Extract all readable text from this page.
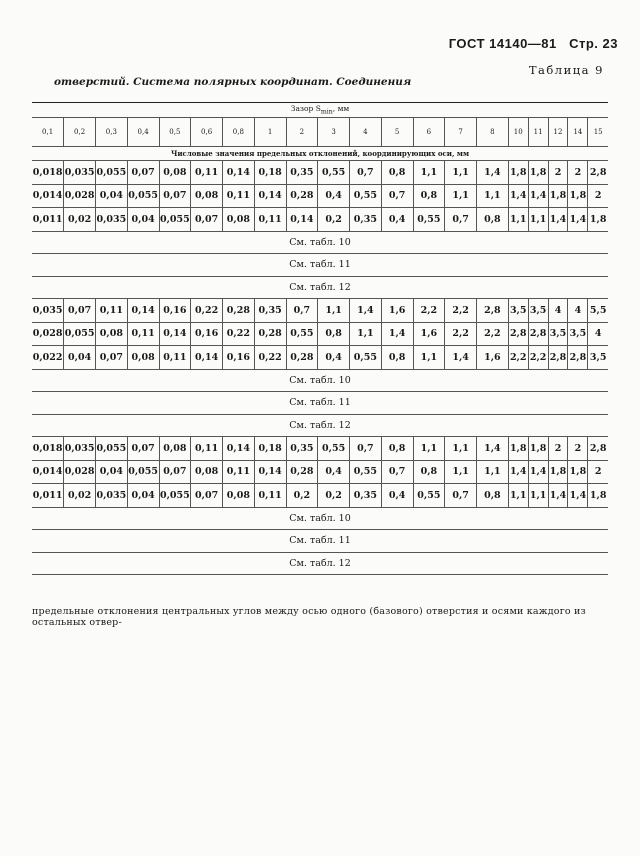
ГОСТ 14140—81 Стр. 23
Таблица 9
отверстий. Система полярных координат. Соединения
Зазор $S_{min}$, мм																			
0,1	0,2	0,3	0,4	0,5	0,6	0,8	1	2	3	4	5	6	7	8	10	11	12	14	15
Числовые значения предельных отклонений, координирующих оси, мм																			
0,018	0,035	0,055	0,07	0,08	0,11	0,14	0,18	0,35	0,55	0,7	0,8	1,1	1,1	1,4	1,8	1,8	2	2	2,8
0,014	0,028	0,04	0,055	0,07	0,08	0,11	0,14	0,28	0,4	0,55	0,7	0,8	1,1	1,1	1,4	1,4	1,8	1,8	2
0,011	0,02	0,035	0,04	0,055	0,07	0,08	0,11	0,14	0,2	0,35	0,4	0,55	0,7	0,8	1,1	1,1	1,4	1,4	1,8
См. табл. 10																			
См. табл. 11																			
См. табл. 12																			
0,035	0,07	0,11	0,14	0,16	0,22	0,28	0,35	0,7	1,1	1,4	1,6	2,2	2,2	2,8	3,5	3,5	4	4	5,5
0,028	0,055	0,08	0,11	0,14	0,16	0,22	0,28	0,55	0,8	1,1	1,4	1,6	2,2	2,2	2,8	2,8	3,5	3,5	4
0,022	0,04	0,07	0,08	0,11	0,14	0,16	0,22	0,28	0,4	0,55	0,8	1,1	1,4	1,6	2,2	2,2	2,8	2,8	3,5
См. табл. 10																			
См. табл. 11																			
См. табл. 12																			
0,018	0,035	0,055	0,07	0,08	0,11	0,14	0,18	0,35	0,55	0,7	0,8	1,1	1,1	1,4	1,8	1,8	2	2	2,8
0,014	0,028	0,04	0,055	0,07	0,08	0,11	0,14	0,28	0,4	0,55	0,7	0,8	1,1	1,1	1,4	1,4	1,8	1,8	2
0,011	0,02	0,035	0,04	0,055	0,07	0,08	0,11	0,2	0,2	0,35	0,4	0,55	0,7	0,8	1,1	1,1	1,4	1,4	1,8
См. табл. 10																			
См. табл. 11																			
См. табл. 12																			
предельные отклонения центральных углов между осью одного (базового) отверстия и осями каждого из остальных отвер-
